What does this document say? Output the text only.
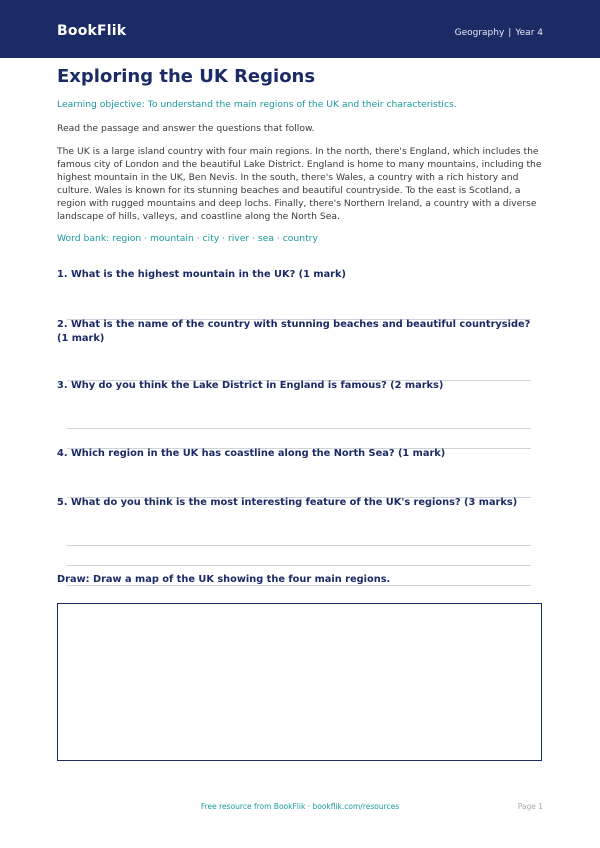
BookFlik	Geography | Year 4
Exploring the UK Regions
Learning objective: To understand the main regions of the UK and their characteristics.
Read the passage and answer the questions that follow.
The UK is a large island country with four main regions. In the north, there's England, which includes the famous city of London and the beautiful Lake District. England is home to many mountains, including the highest mountain in the UK, Ben Nevis. In the south, there's Wales, a country with a rich history and culture. Wales is known for its stunning beaches and beautiful countryside. To the east is Scotland, a region with rugged mountains and deep lochs. Finally, there's Northern Ireland, a country with a diverse landscape of hills, valleys, and coastline along the North Sea.
Word bank: region · mountain · city · river · sea · country
1. What is the highest mountain in the UK? (1 mark)
2. What is the name of the country with stunning beaches and beautiful countryside? (1 mark)
3. Why do you think the Lake District in England is famous? (2 marks)
4. Which region in the UK has coastline along the North Sea? (1 mark)
5. What do you think is the most interesting feature of the UK's regions? (3 marks)
Draw: Draw a map of the UK showing the four main regions.
Free resource from BookFlik · bookflik.com/resources	Page 1
